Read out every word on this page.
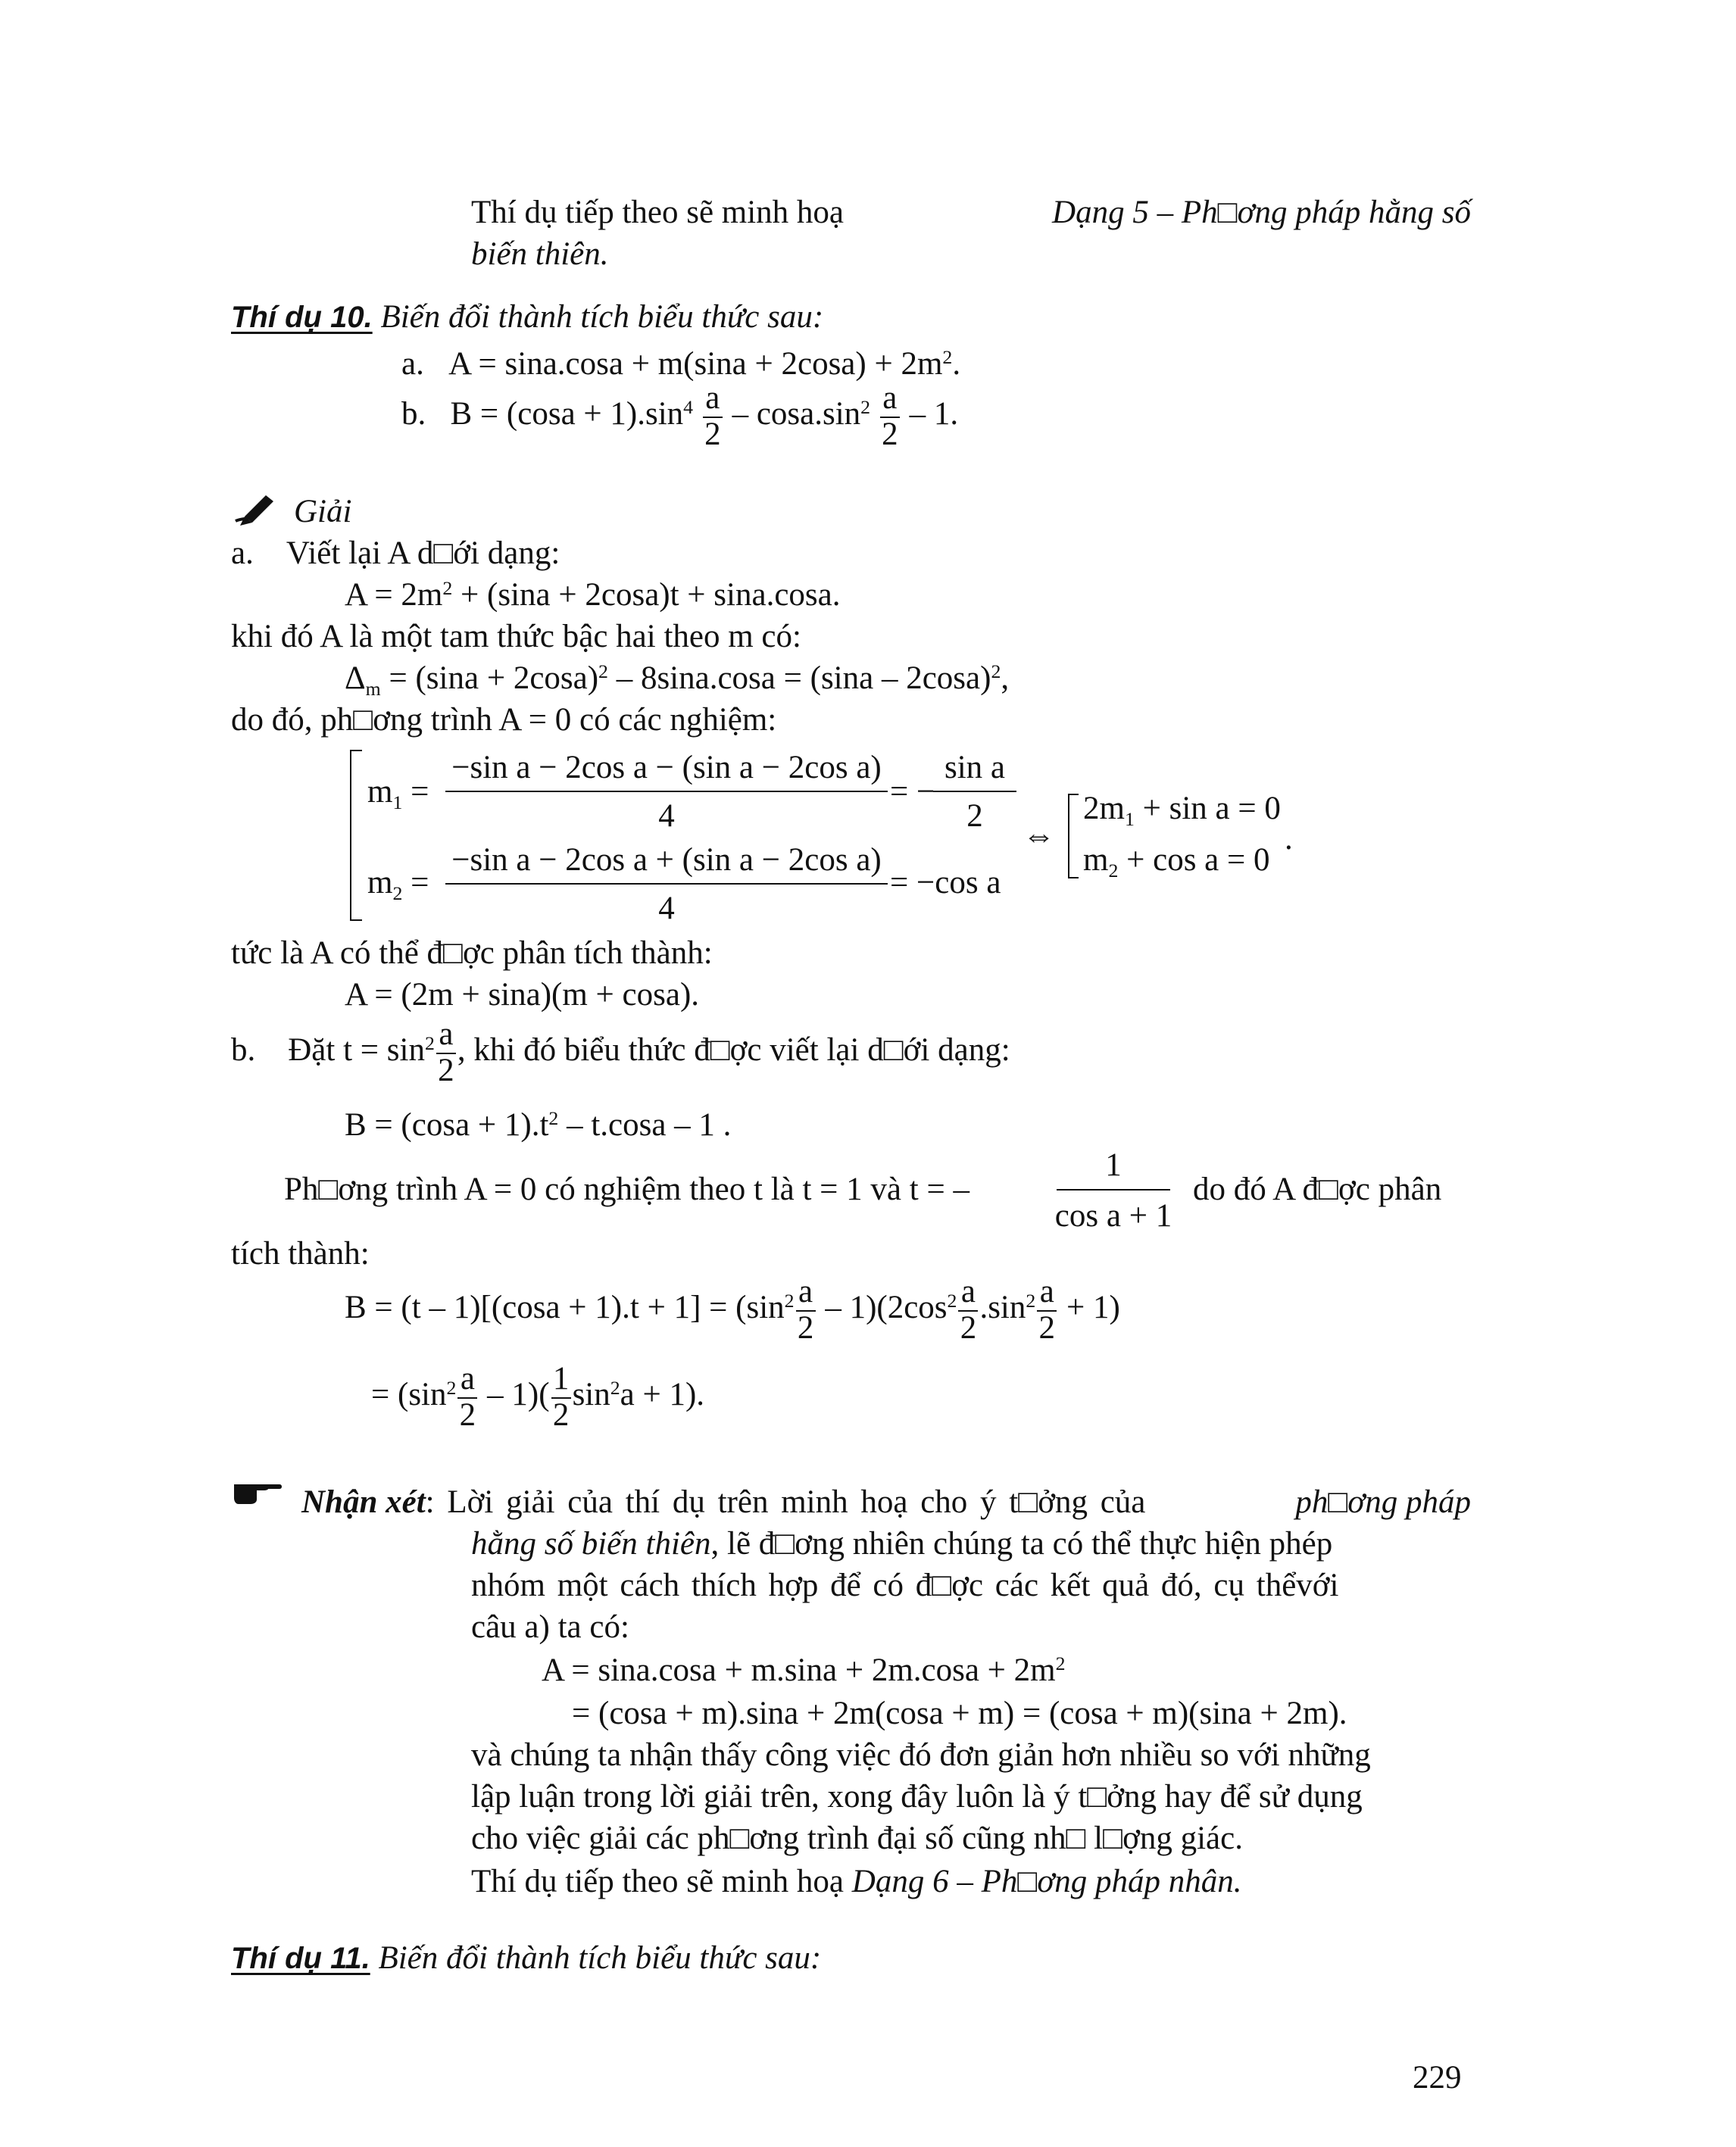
Thí dụ tiếp theo sẽ minh hoạ	Dạng 5 – Ph□ơng pháp hằng số
biến thiên.
Thí dụ 10. Biến đổi thành tích biểu thức sau:
a. $A = \sin a.\cos a + m(\sin a + 2\cos a) + 2m^2$.
b. $B = (\cos a + 1).\sin^4 \frac{a}{2} - \cos a.\sin^2 \frac{a}{2} - 1$.
Giải
a. Viết lại A d□ới dạng:
$A = 2m^2 + (\sin a + 2\cos a)t + \sin a.\cos a$.
khi đó A là một tam thức bậc hai theo m có:
$\Delta_m = (\sin a + 2\cos a)^2 - 8\sin a.\cos a = (\sin a - 2\cos a)^2$,
do đó, ph□ơng trình A = 0 có các nghiệm:
$m_1$ =
−sin a − 2cos a − (sin a − 2cos a)
4
= −
sin a
2
$m_2$ =
−sin a − 2cos a + (sin a − 2cos a)
4
= −cos a
⇔
$2m_1 + \sin a = 0$
$m_2 + \cos a = 0$
.
tức là A có thể đ□ợc phân tích thành:
A = (2m + sina)(m + cosa).
b. Đặt $t = \sin^2 \frac{a}{2}$ , khi đó biểu thức đ□ợc viết lại d□ới dạng:
$B = (\cos a + 1).t^2 - t.\cos a - 1$ .
Ph□ơng trình A = 0 có nghiệm theo t là t = 1 và t = –
1
cos a + 1
do đó A đ□ợc phân
tích thành:
$B = (t - 1)[(\cos a + 1).t + 1] = (\sin^2 \frac{a}{2} - 1)(2\cos^2 \frac{a}{2} .\sin^2 \frac{a}{2} + 1)$
= $(\sin^2 \frac{a}{2} - 1)( \frac{1}{2} \sin^2a + 1)$.
Nhận xét : Lời giải của thí dụ trên minh hoạ cho ý t□ởng của	ph□ơng pháp
hằng số biến thiên, lẽ đ□ơng nhiên chúng ta có thể thực hiện phép
nhóm một cách thích hợp để có đ□ợc các kết quả đó, cụ thểvới
câu a) ta có:
$A = \sin a.\cos a + m.\sin a + 2m.\cos a + 2m^2$
= (cosa + m).sina + 2m(cosa + m) = (cosa + m)(sina + 2m).
và chúng ta nhận thấy công việc đó đơn giản hơn nhiều so với những
lập luận trong lời giải trên, xong đây luôn là ý t□ởng hay để sử dụng
cho việc giải các ph□ơng trình đại số cũng nh□ l□ợng giác.
Thí dụ tiếp theo sẽ minh hoạ Dạng 6 – Ph□ơng pháp nhân.
Thí dụ 11. Biến đổi thành tích biểu thức sau:
229
